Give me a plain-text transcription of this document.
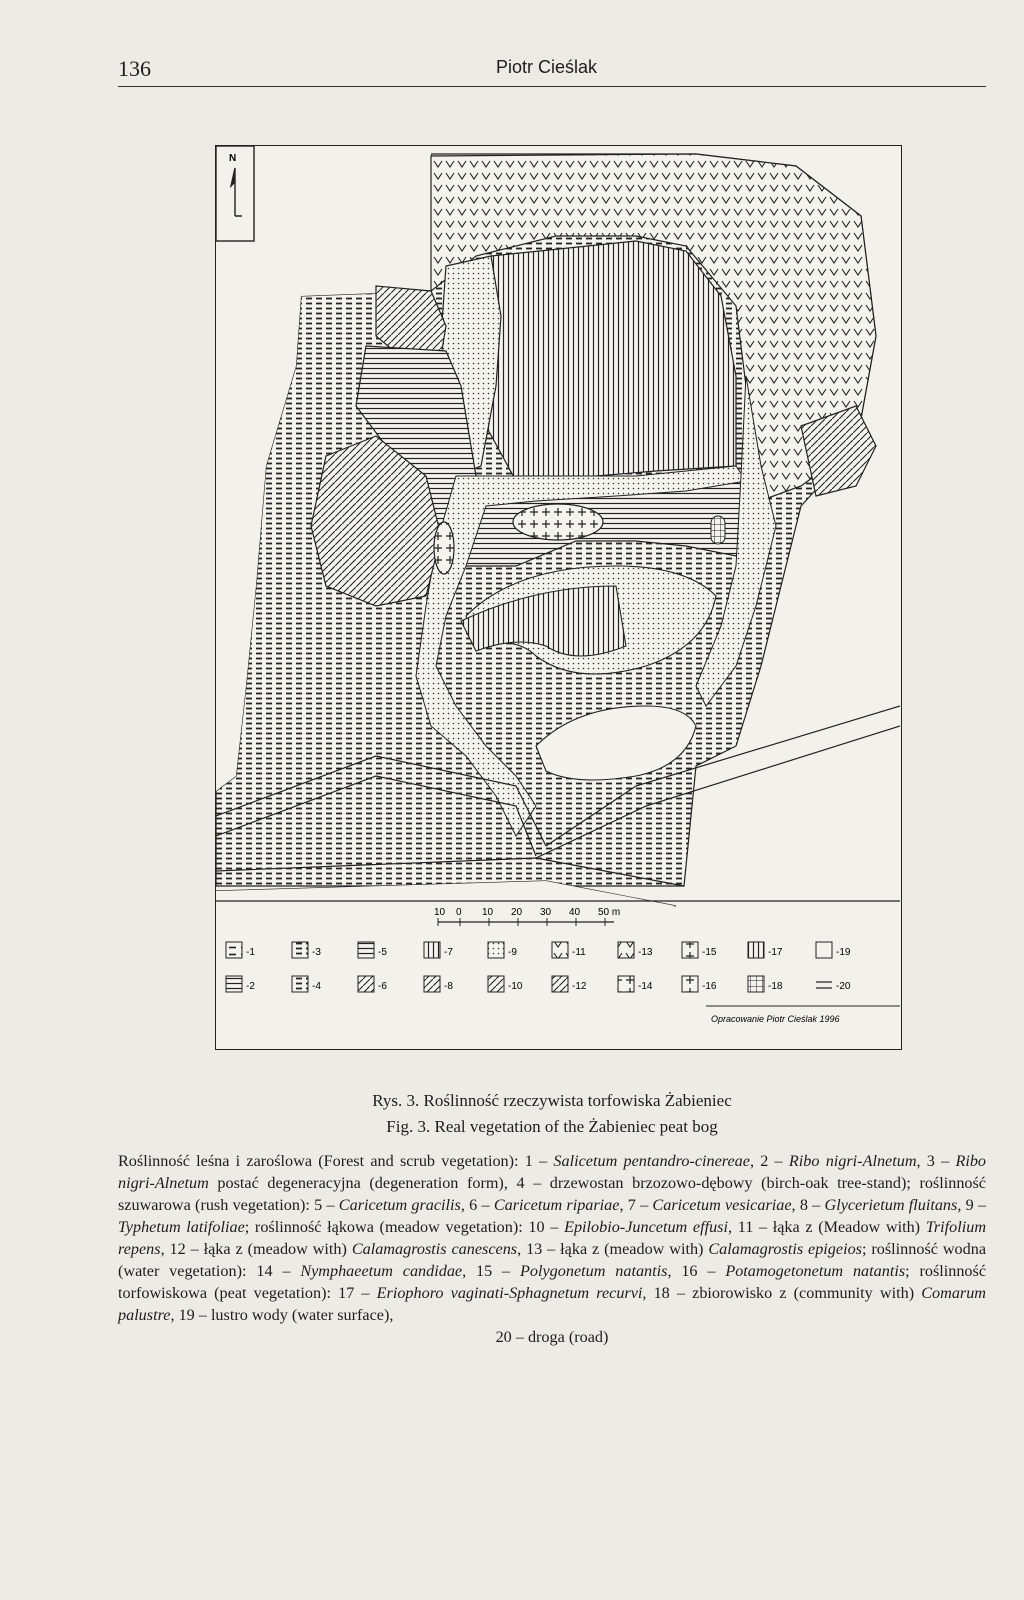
136	Piotr Cieślak
N
10 0 10 20 30 40 50 m
-1	-3	-5	-7	-9	-11	-13	-15	-17	-19
-2	-4	-6	-8	-10	-12	-14	-16	-18	-20
Opracowanie Piotr Cieślak 1996
Rys. 3. Roślinność rzeczywista torfowiska Żabieniec
Fig. 3. Real vegetation of the Żabieniec peat bog
Roślinność leśna i zaroślowa (Forest and scrub vegetation): 1 – Salicetum pentandro-cinereae, 2 – Ribo nigri-Alnetum, 3 – Ribo nigri-Alnetum postać degeneracyjna (degeneration form), 4 – drzewostan brzozowo-dębowy (birch-oak tree-stand); roślinność szuwarowa (rush vegetation): 5 – Caricetum gracilis, 6 – Caricetum ripariae, 7 – Caricetum vesicariae, 8 – Glycerietum fluitans, 9 – Typhetum latifoliae; roślinność łąkowa (meadow vegetation): 10 – Epilobio-Juncetum effusi, 11 – łąka z (Meadow with) Trifolium repens, 12 – łąka z (meadow with) Calamagrostis canescens, 13 – łąka z (meadow with) Calamagrostis epigeios; roślinność wodna (water vegetation): 14 – Nymphaeetum candidae, 15 – Polygonetum natantis, 16 – Potamogetonetum natantis; roślinność torfowiskowa (peat vegetation): 17 – Eriophoro vaginati-Sphagnetum recurvi, 18 – zbiorowisko z (community with) Comarum palustre, 19 – lustro wody (water surface),
20 – droga (road)
